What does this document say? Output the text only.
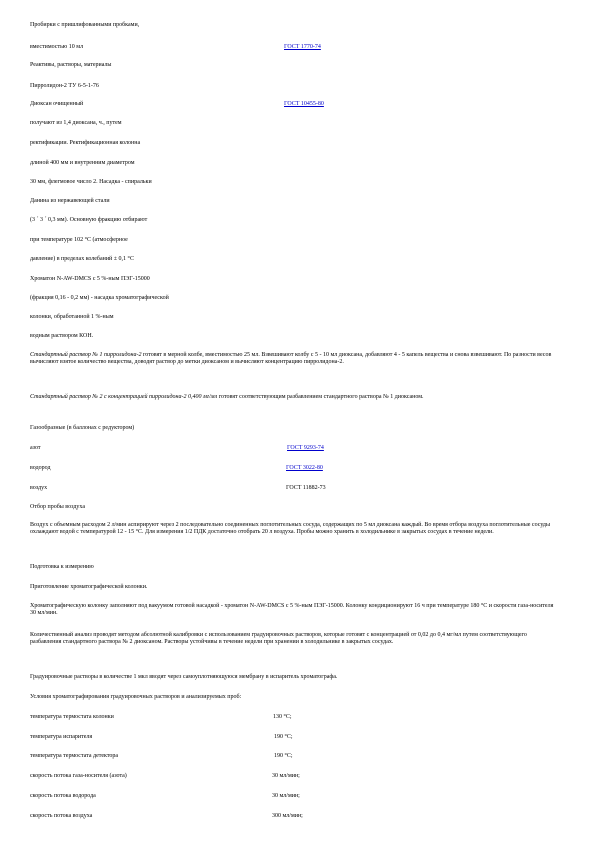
Пробирки с пришлифованными пробками,
вместимостью 10 мл	ГОСТ 1770-74
Реактивы, растворы, материалы
Пирролидон-2 ТУ 6-5-1-76
Диоксан очищенный	ГОСТ 10455-80
получают из 1,4 диоксана, ч., путем
ректификации. Ректификационная колонна
длиной 400 мм и внутренним диаметром
30 мм, флегмовое число 2. Насадка - спиральки
Данина из нержавеющей стали
(3 ´ 3 ´ 0,3 мм). Основную фракцию отбирают
при температуре 102 °С (атмосферное
давление) в пределах колебаний ± 0,1 °С
Хроматон N-AW-DMCS с 5 %-ным ПЭГ-15000
(фракция 0,16 - 0,2 мм) - насадка хроматографической
колонки, обработанной 1 %-ным
водным раствором КОН.
Стандартный раствор № 1 пирролидона-2 готовят в мерной колбе, вместимостью 25 мл. Взвешивают колбу с 5 - 10 мл диоксана, добавляют 4 - 5 капель вещества и снова взвешивают. По разности весов вычисляют взятое количество вещества, доводят раствор до метки диоксаном и вычисляют концентрацию пирролидона-2.
Стандартный раствор № 2 с концентрацией пирролидона-2 0,400 мг/мл готовят соответствующим разбавлением стандартного раствора № 1 диоксаном.
Газообразные (в баллонах с редуктором)
азот	ГОСТ 9293-74
водород	ГОСТ 3022-80
воздух	ГОСТ 11882-73
Отбор пробы воздуха
Воздух с объемным расходом 2 л/мин аспирируют через 2 последовательно соединенных поглотительных сосуда, содержащих по 5 мл диоксана каждый. Во время отбора воздуха поглотительные сосуды охлаждают водой с температурой 12 - 15 °С. Для измерения 1/2 ПДК достаточно отобрать 20 л воздуха. Пробы можно хранить в холодильнике в закрытых сосудах в течение недели.
Подготовка к измерению
Приготовление хроматографической колонки.
Хроматографическую колонку заполняют под вакуумом готовой насадкой - хроматон N-AW-DMCS с 5 %-ным ПЭГ-15000. Колонку кондиционируют 16 ч при температуре 180 °С и скорости газа-носителя 30 мл/мин.
Количественный анализ проводят методом абсолютной калибровки с использованием градуировочных растворов, которые готовят с концентрацией от 0,02 до 0,4 мг/мл путем соответствующего разбавления стандартного раствора № 2 диоксаном. Растворы устойчивы в течение недели при хранении в холодильнике в закрытых сосудах.
Градуировочные растворы в количестве 1 мкл вводят через самоуплотняющуюся мембрану в испаритель хроматографа.
Условия хроматографирования градуировочных растворов и анализируемых проб:
температура термостата колонки	130 °С;
температура испарителя	190 °С;
температура термостата детектора	190 °С;
скорость потока газа-носителя (азота)	30 мл/мин;
скорость потока водорода	30 мл/мин;
скорость потока воздуха	300 мл/мин;
